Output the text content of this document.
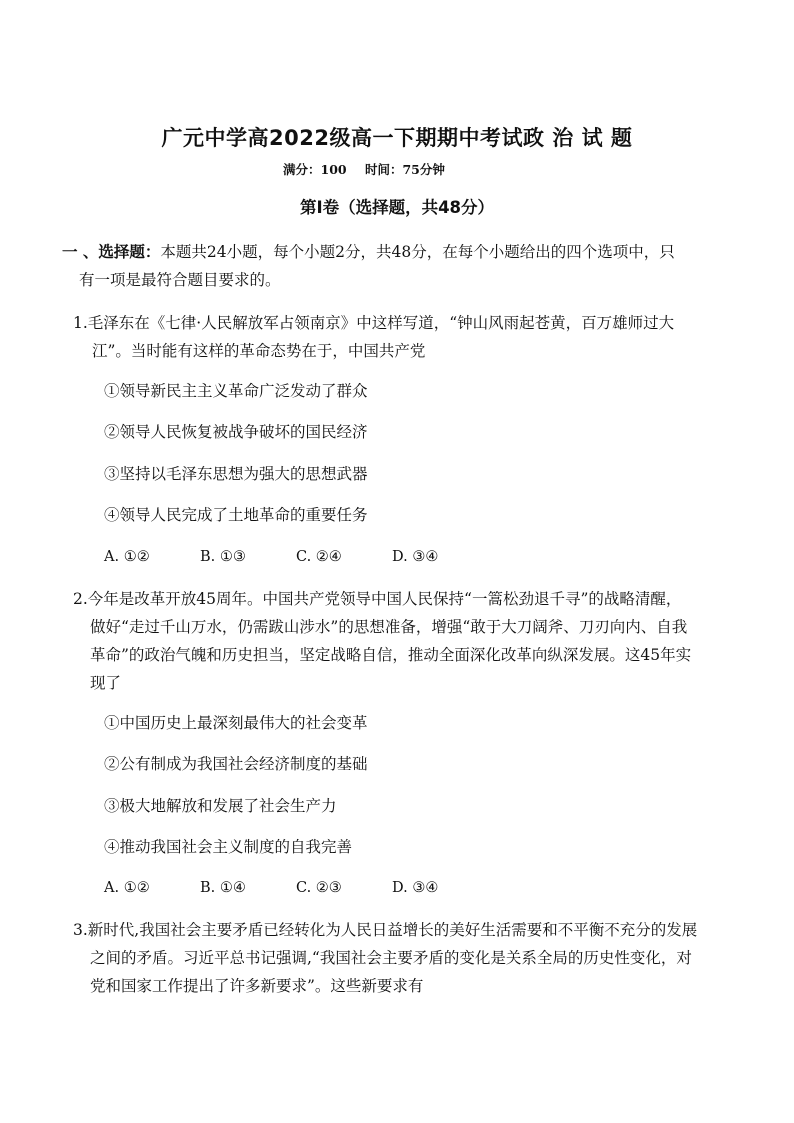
广元中学高2022级高一下期期中考试政 治 试 题
满分：100 时间：75分钟
第Ⅰ卷（选择题，共48分）
一 、选择题：本题共24小题，每个小题2分，共48分，在每个小题给出的四个选项中，只
有一项是最符合题目要求的。
1.毛泽东在《七律·人民解放军占领南京》中这样写道，“钟山风雨起苍黄，百万雄师过大
江”。当时能有这样的革命态势在于，中国共产党
①领导新民主主义革命广泛发动了群众
②领导人民恢复被战争破坏的国民经济
③坚持以毛泽东思想为强大的思想武器
④领导人民完成了土地革命的重要任务
A. ①②	B. ①③	C. ②④	D. ③④
2.今年是改革开放45周年。中国共产党领导中国人民保持“一篙松劲退千寻”的战略清醒，
做好“走过千山万水，仍需跋山涉水”的思想准备，增强“敢于大刀阔斧、刀刃向内、自我
革命”的政治气魄和历史担当，坚定战略自信，推动全面深化改革向纵深发展。这45年实
现了
①中国历史上最深刻最伟大的社会变革
②公有制成为我国社会经济制度的基础
③极大地解放和发展了社会生产力
④推动我国社会主义制度的自我完善
A. ①②	B. ①④	C. ②③	D. ③④
3.新时代,我国社会主要矛盾已经转化为人民日益增长的美好生活需要和不平衡不充分的发展
之间的矛盾。习近平总书记强调,“我国社会主要矛盾的变化是关系全局的历史性变化，对
党和国家工作提出了许多新要求”。这些新要求有
